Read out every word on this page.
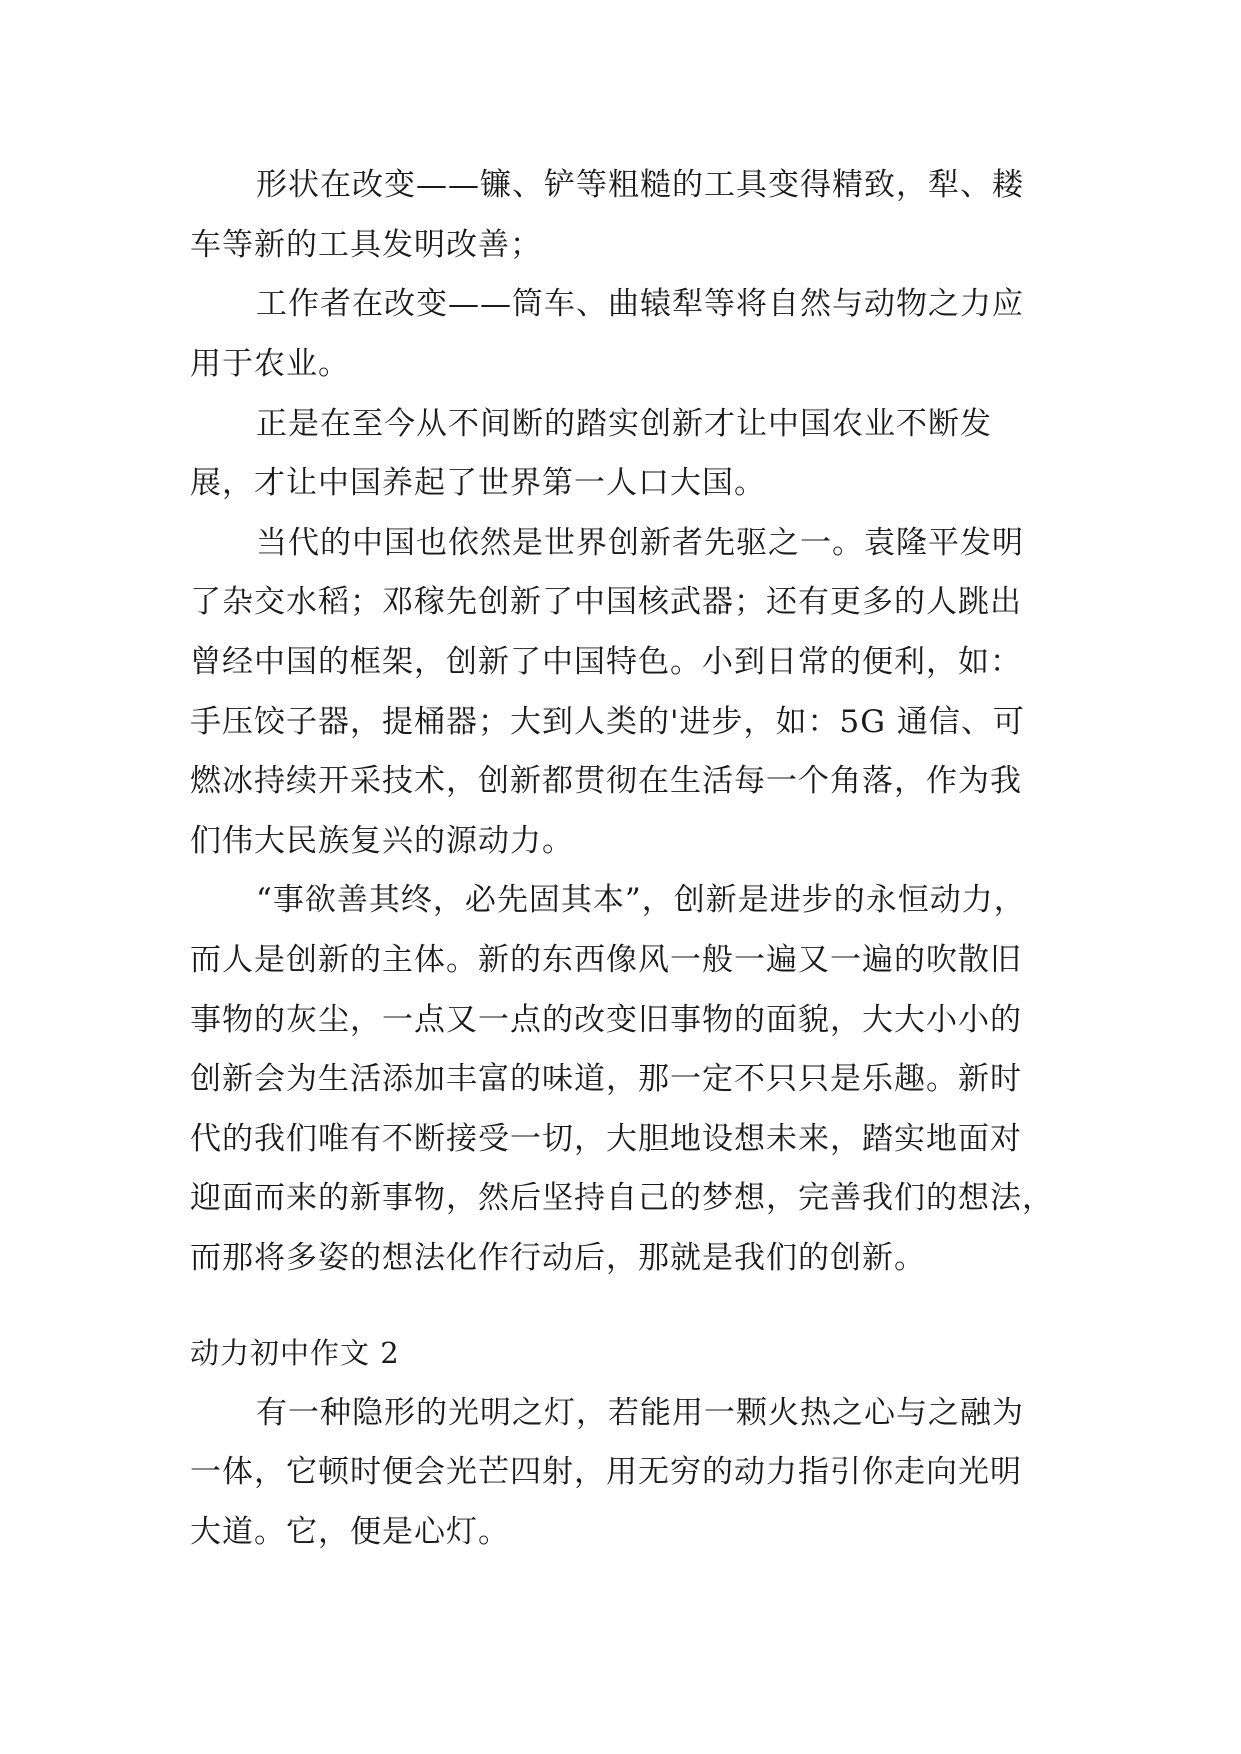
形状在改变——镰、铲等粗糙的工具变得精致，犁、耧

车等新的工具发明改善；

工作者在改变——筒车、曲辕犁等将自然与动物之力应

用于农业。

正是在至今从不间断的踏实创新才让中国农业不断发

展，才让中国养起了世界第一人口大国。

当代的中国也依然是世界创新者先驱之一。袁隆平发明

了杂交水稻；邓稼先创新了中国核武器；还有更多的人跳出

曾经中国的框架，创新了中国特色。小到日常的便利，如：

手压饺子器，提桶器；大到人类的'进步，如：5G 通信、可

燃冰持续开采技术，创新都贯彻在生活每一个角落，作为我

们伟大民族复兴的源动力。

“事欲善其终，必先固其本”，创新是进步的永恒动力，

而人是创新的主体。新的东西像风一般一遍又一遍的吹散旧

事物的灰尘，一点又一点的改变旧事物的面貌，大大小小的

创新会为生活添加丰富的味道，那一定不只只是乐趣。新时

代的我们唯有不断接受一切，大胆地设想未来，踏实地面对

迎面而来的新事物，然后坚持自己的梦想，完善我们的想法，

而那将多姿的想法化作行动后，那就是我们的创新。

动力初中作文 2

有一种隐形的光明之灯，若能用一颗火热之心与之融为

一体，它顿时便会光芒四射，用无穷的动力指引你走向光明

大道。它，便是心灯。
